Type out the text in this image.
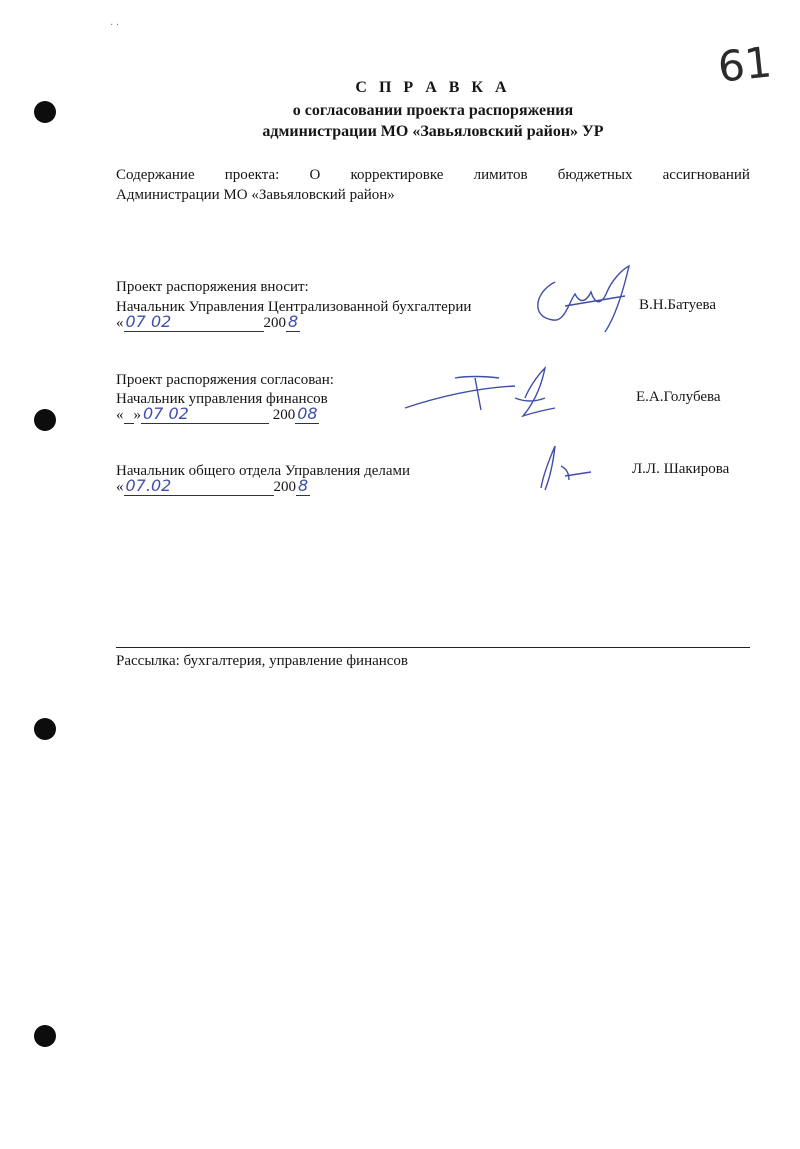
· ·
61
С П Р А В К А
о согласовании проекта распоряжения
администрации МО «Завьяловский район» УР
Содержание проекта: О корректировке лимитов бюджетных ассигнований
Администрации МО «Завьяловский район»
Проект распоряжения вносит:
Начальник Управления Централизованной бухгалтерии
« 07 02	200 8
В.Н.Батуева
Проект распоряжения согласован:
Начальник управления финансов
« » 07 02	200 08
Е.А.Голубева
Начальник общего отдела Управления делами
« 07.02	200 8
Л.Л. Шакирова
Рассылка: бухгалтерия, управление финансов
